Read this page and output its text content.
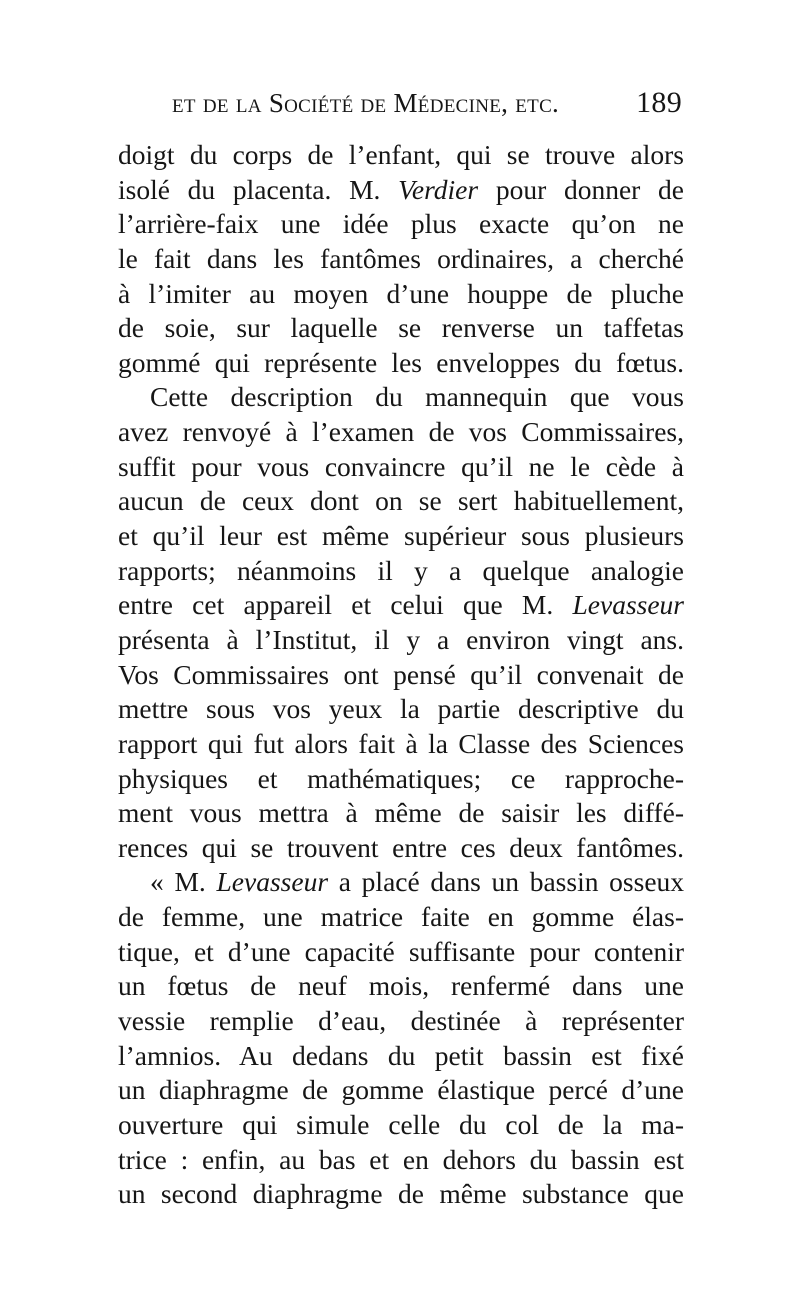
et de la Société de Médecine, etc.	189
doigt du corps de l’enfant, qui se trouve alors
isolé du placenta. M. Verdier pour donner de
l’arrière-faix une idée plus exacte qu’on ne
le fait dans les fantômes ordinaires, a cherché
à l’imiter au moyen d’une houppe de pluche
de soie, sur laquelle se renverse un taffetas
gommé qui représente les enveloppes du fœtus.
Cette description du mannequin que vous
avez renvoyé à l’examen de vos Commissaires,
suffit pour vous convaincre qu’il ne le cède à
aucun de ceux dont on se sert habituellement,
et qu’il leur est même supérieur sous plusieurs
rapports; néanmoins il y a quelque analogie
entre cet appareil et celui que M. Levasseur
présenta à l’Institut, il y a environ vingt ans.
Vos Commissaires ont pensé qu’il convenait de
mettre sous vos yeux la partie descriptive du
rapport qui fut alors fait à la Classe des Sciences
physiques et mathématiques; ce rapproche-
ment vous mettra à même de saisir les diffé-
rences qui se trouvent entre ces deux fantômes.
« M. Levasseur a placé dans un bassin osseux
de femme, une matrice faite en gomme élas-
tique, et d’une capacité suffisante pour contenir
un fœtus de neuf mois, renfermé dans une
vessie remplie d’eau, destinée à représenter
l’amnios. Au dedans du petit bassin est fixé
un diaphragme de gomme élastique percé d’une
ouverture qui simule celle du col de la ma-
trice : enfin, au bas et en dehors du bassin est
un second diaphragme de même substance que
